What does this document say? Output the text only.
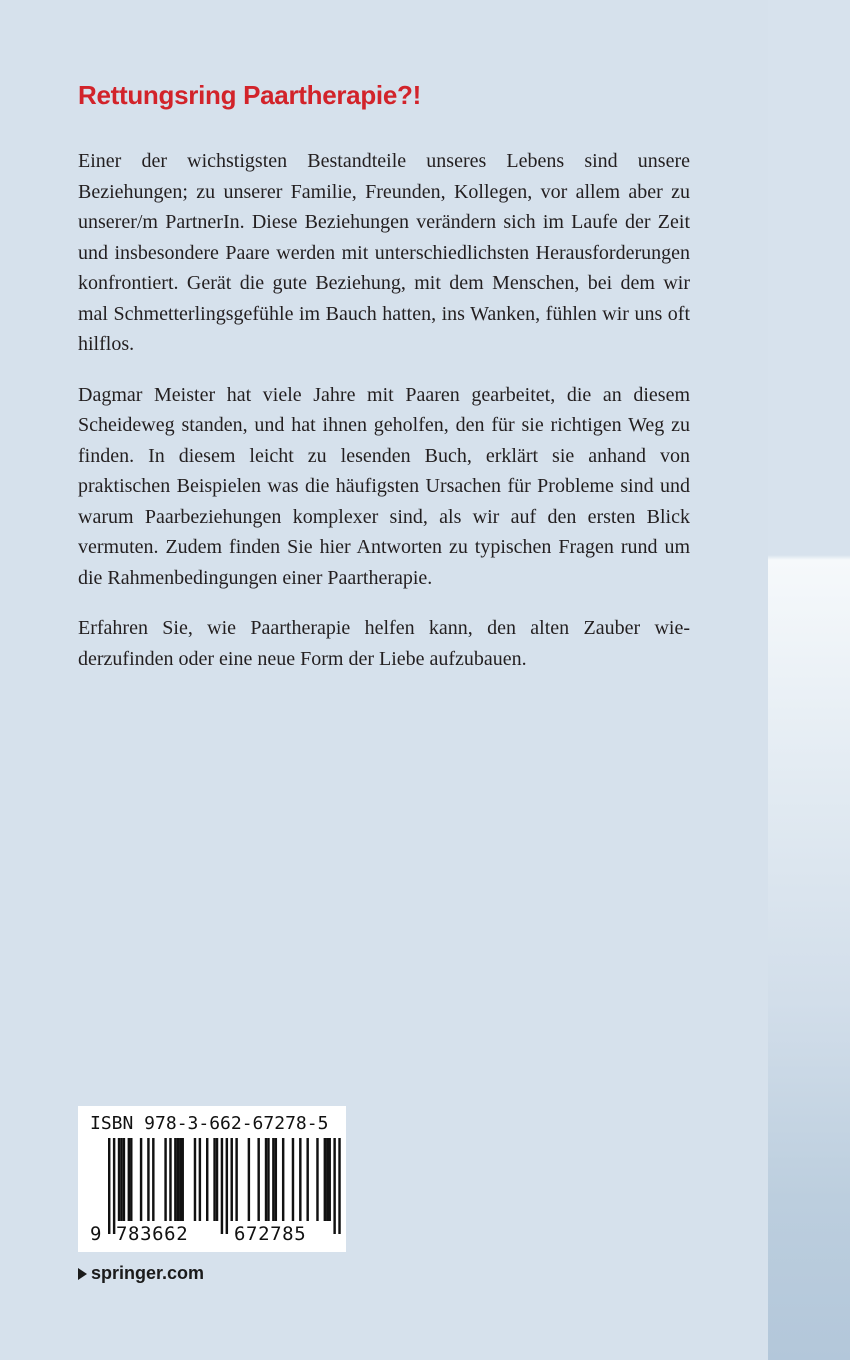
Rettungsring Paartherapie?!

Einer der wichstigsten Bestandteile unseres Lebens sind unsere Beziehungen; zu unserer Familie, Freunden, Kollegen, vor allem aber zu unserer/m PartnerIn. Diese Beziehungen verändern sich im Laufe der Zeit und insbesondere Paare werden mit unterschiedlichsten Herausforderungen konfrontiert. Gerät die gute Beziehung, mit dem Menschen, bei dem wir mal Schmetterlingsgefühle im Bauch hatten, ins Wanken, fühlen wir uns oft hilflos.

Dagmar Meister hat viele Jahre mit Paaren gearbeitet, die an diesem Scheideweg standen, und hat ihnen geholfen, den für sie richtigen Weg zu finden. In diesem leicht zu lesenden Buch, erklärt sie anhand von praktischen Beispielen was die häufigsten Ursachen für Probleme sind und warum Paarbeziehungen komplexer sind, als wir auf den ersten Blick vermuten. Zudem finden Sie hier Antworten zu typischen Fragen rund um die Rahmenbedingungen einer Paartherapie.

Erfahren Sie, wie Paartherapie helfen kann, den alten Zauber wiederzufinden oder eine neue Form der Liebe aufzubauen.

ISBN 978-3-662-67278-5
9 783662 672785
springer.com
